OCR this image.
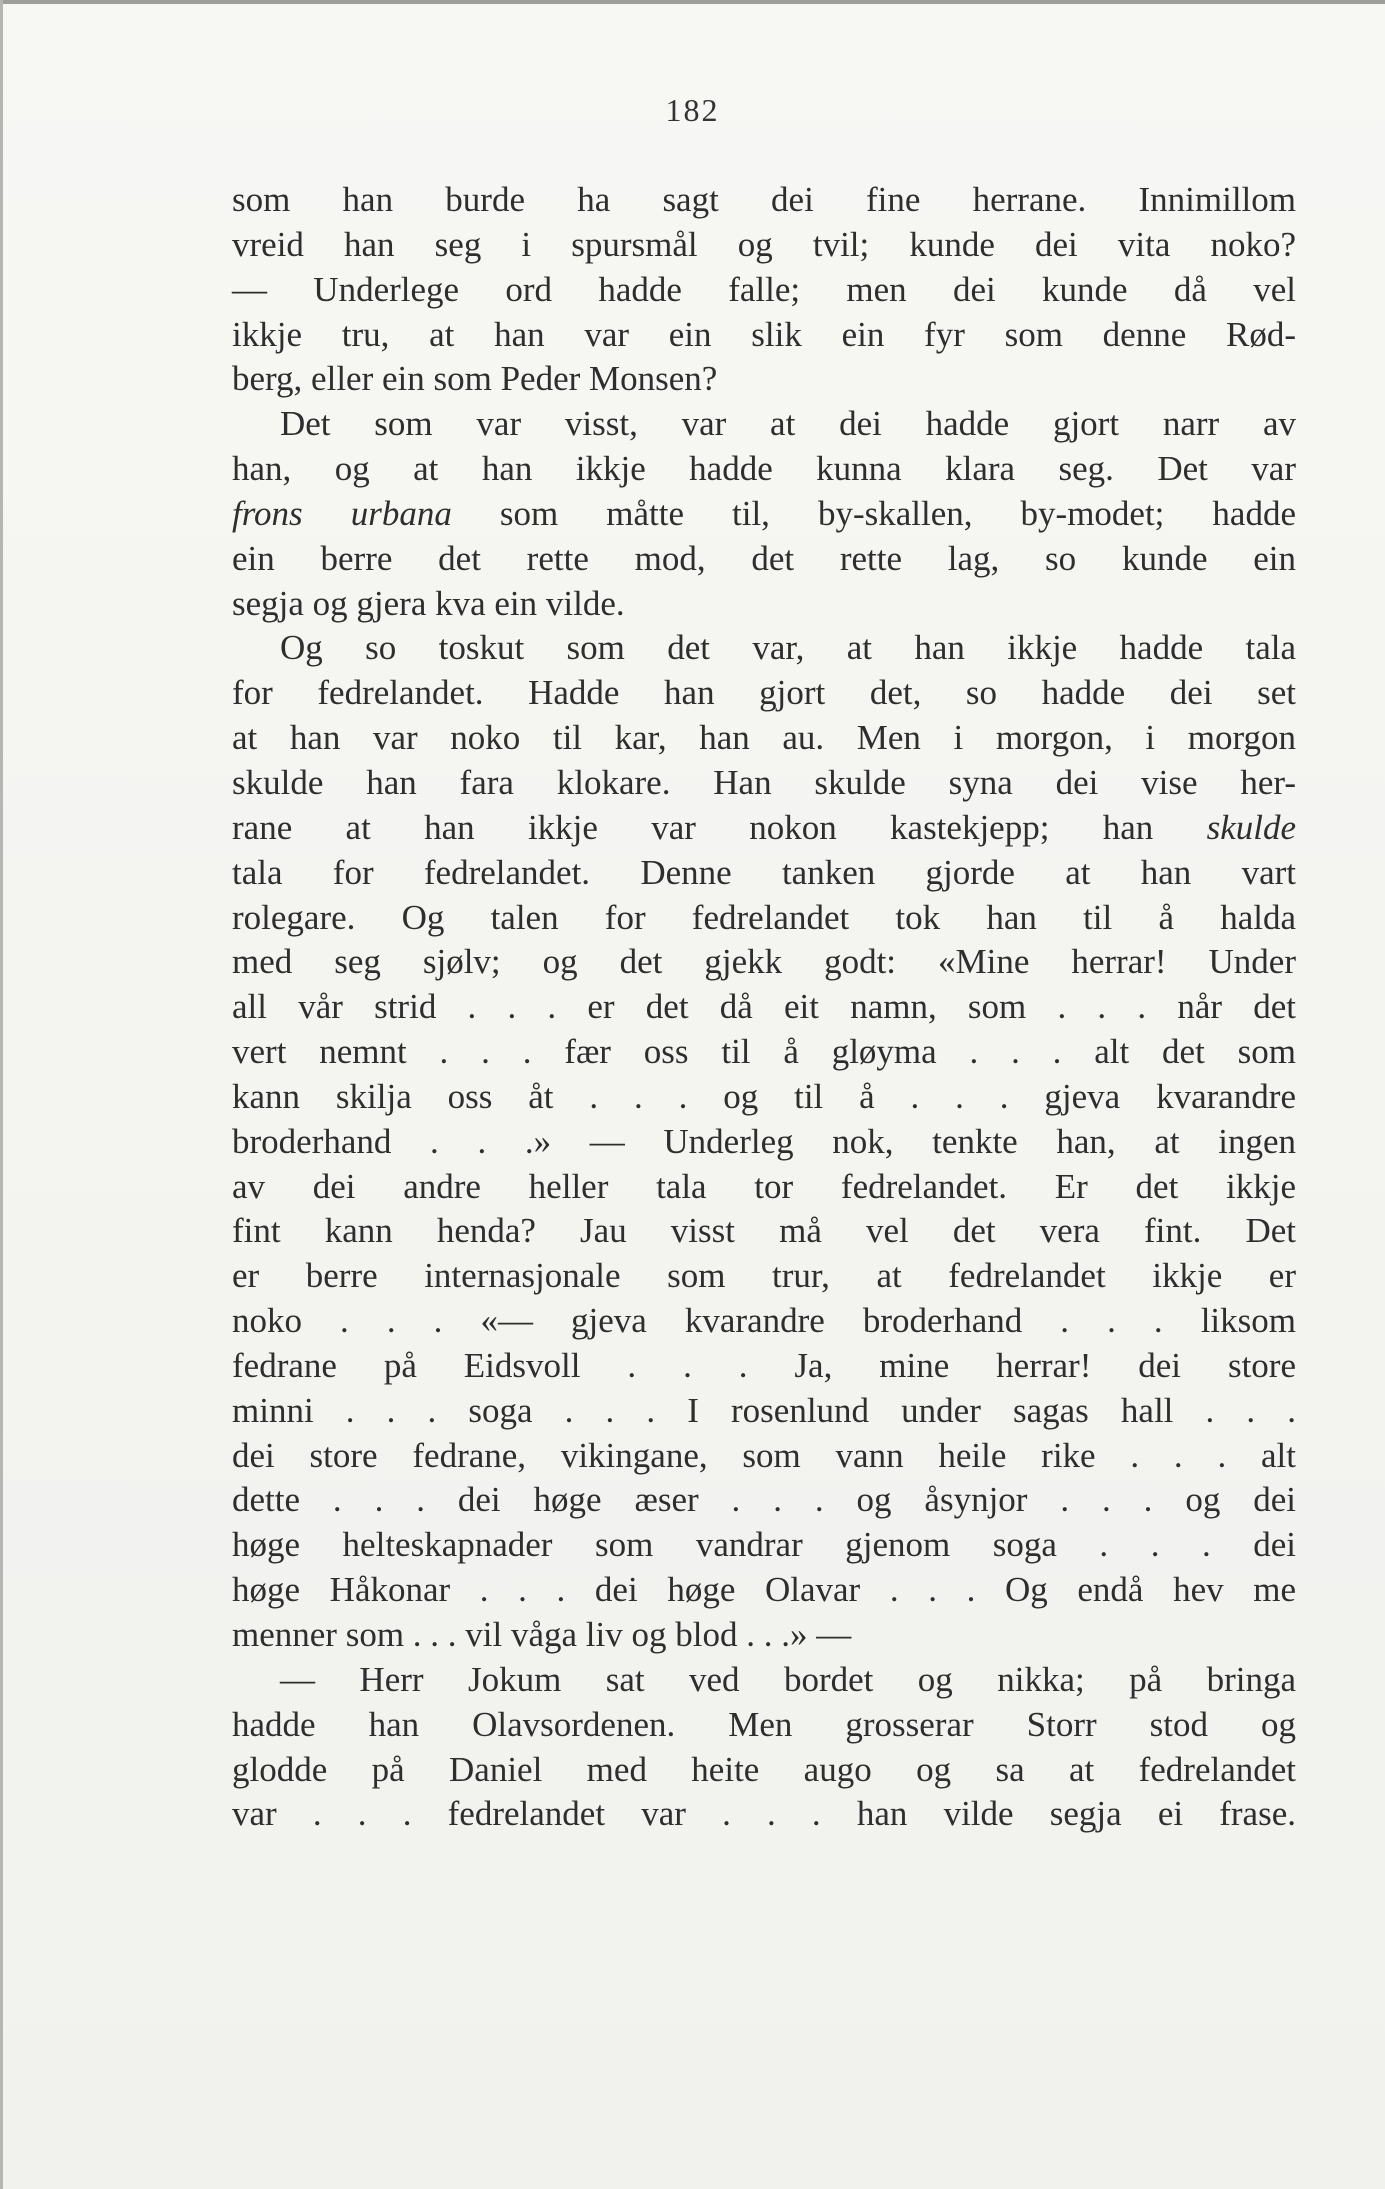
182
som han burde ha sagt dei fine herrane. Innimillom
vreid han seg i spursmål og tvil; kunde dei vita noko?
— Underlege ord hadde falle; men dei kunde då vel
ikkje tru, at han var ein slik ein fyr som denne Rød-
berg, eller ein som Peder Monsen?
Det som var visst, var at dei hadde gjort narr av
han, og at han ikkje hadde kunna klara seg. Det var
frons urbana som måtte til, by-skallen, by-modet; hadde
ein berre det rette mod, det rette lag, so kunde ein
segja og gjera kva ein vilde.
Og so toskut som det var, at han ikkje hadde tala
for fedrelandet. Hadde han gjort det, so hadde dei set
at han var noko til kar, han au. Men i morgon, i morgon
skulde han fara klokare. Han skulde syna dei vise her-
rane at han ikkje var nokon kastekjepp; han skulde
tala for fedrelandet. Denne tanken gjorde at han vart
rolegare. Og talen for fedrelandet tok han til å halda
med seg sjølv; og det gjekk godt: «Mine herrar! Under
all vår strid . . . er det då eit namn, som . . . når det
vert nemnt . . . fær oss til å gløyma . . . alt det som
kann skilja oss åt . . . og til å . . . gjeva kvarandre
broderhand . . .» — Underleg nok, tenkte han, at ingen
av dei andre heller tala tor fedrelandet. Er det ikkje
fint kann henda? Jau visst må vel det vera fint. Det
er berre internasjonale som trur, at fedrelandet ikkje er
noko . . . «— gjeva kvarandre broderhand . . . liksom
fedrane på Eidsvoll . . . Ja, mine herrar! dei store
minni . . . soga . . . I rosenlund under sagas hall . . .
dei store fedrane, vikingane, som vann heile rike . . . alt
dette . . . dei høge æser . . . og åsynjor . . . og dei
høge helteskapnader som vandrar gjenom soga . . . dei
høge Håkonar . . . dei høge Olavar . . . Og endå hev me
menner som . . . vil våga liv og blod . . .» —
— Herr Jokum sat ved bordet og nikka; på bringa
hadde han Olavsordenen. Men grosserar Storr stod og
glodde på Daniel med heite augo og sa at fedrelandet
var . . . fedrelandet var . . . han vilde segja ei frase.
